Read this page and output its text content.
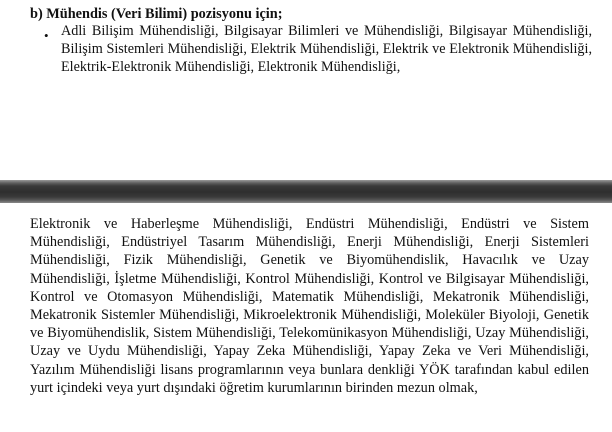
b) Mühendis (Veri Bilimi) pozisyonu için;
• Adli Bilişim Mühendisliği, Bilgisayar Bilimleri ve Mühendisliği, Bilgisayar Mühendisliği, Bilişim Sistemleri Mühendisliği, Elektrik Mühendisliği, Elektrik ve Elektronik Mühendisliği, Elektrik-Elektronik Mühendisliği, Elektronik Mühendisliği,
Elektronik ve Haberleşme Mühendisliği, Endüstri Mühendisliği, Endüstri ve Sistem Mühendisliği, Endüstriyel Tasarım Mühendisliği, Enerji Mühendisliği, Enerji Sistemleri Mühendisliği, Fizik Mühendisliği, Genetik ve Biyomühendislik, Havacılık ve Uzay Mühendisliği, İşletme Mühendisliği, Kontrol Mühendisliği, Kontrol ve Bilgisayar Mühendisliği, Kontrol ve Otomasyon Mühendisliği, Matematik Mühendisliği, Mekatronik Mühendisliği, Mekatronik Sistemler Mühendisliği, Mikroelektronik Mühendisliği, Moleküler Biyoloji, Genetik ve Biyomühendislik, Sistem Mühendisliği, Telekomünikasyon Mühendisliği, Uzay Mühendisliği, Uzay ve Uydu Mühendisliği, Yapay Zeka Mühendisliği, Yapay Zeka ve Veri Mühendisliği, Yazılım Mühendisliği lisans programlarının veya bunlara denkliği YÖK tarafından kabul edilen yurt içindeki veya yurt dışındaki öğretim kurumlarının birinden mezun olmak,
